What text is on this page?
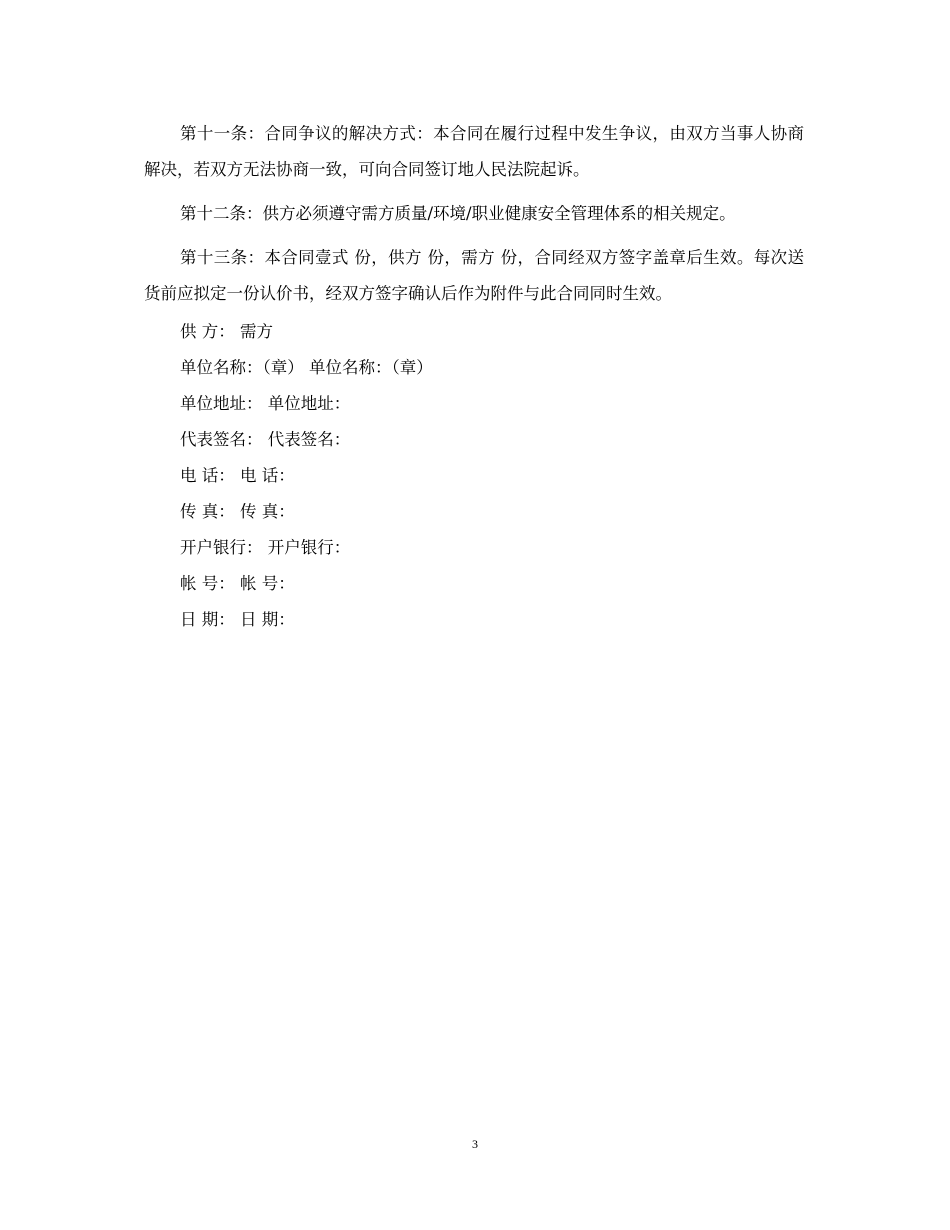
第十一条：合同争议的解决方式：本合同在履行过程中发生争议，由双方当事人协商解决，若双方无法协商一致，可向合同签订地人民法院起诉。

第十二条：供方必须遵守需方质量/环境/职业健康安全管理体系的相关规定。

第十三条：本合同壹式 份，供方 份，需方 份，合同经双方签字盖章后生效。每次送货前应拟定一份认价书，经双方签字确认后作为附件与此合同同时生效。

供 方： 需方

单位名称：（章） 单位名称：（章）

单位地址： 单位地址：

代表签名： 代表签名：

电 话： 电 话：

传 真： 传 真：

开户银行： 开户银行：

帐 号： 帐 号：

日 期： 日 期：

3
